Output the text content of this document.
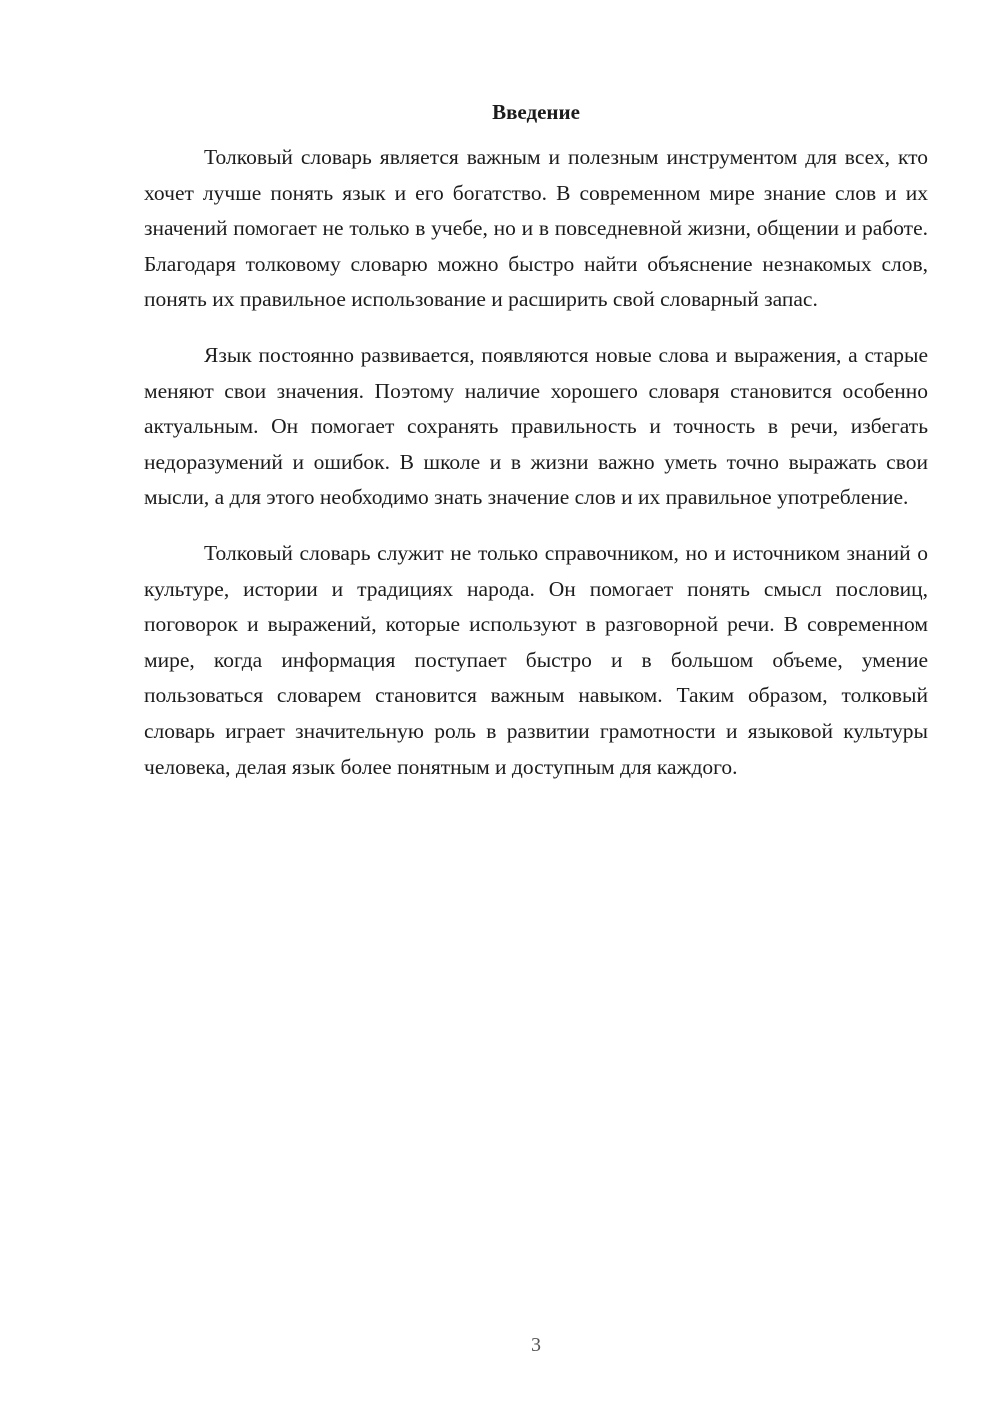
Введение

Толковый словарь является важным и полезным инструментом для всех, кто хочет лучше понять язык и его богатство. В современном мире знание слов и их значений помогает не только в учебе, но и в повседневной жизни, общении и работе. Благодаря толковому словарю можно быстро найти объяснение незнакомых слов, понять их правильное использование и расширить свой словарный запас.

Язык постоянно развивается, появляются новые слова и выражения, а старые меняют свои значения. Поэтому наличие хорошего словаря становится особенно актуальным. Он помогает сохранять правильность и точность в речи, избегать недоразумений и ошибок. В школе и в жизни важно уметь точно выражать свои мысли, а для этого необходимо знать значение слов и их правильное употребление.

Толковый словарь служит не только справочником, но и источником знаний о культуре, истории и традициях народа. Он помогает понять смысл пословиц, поговорок и выражений, которые используют в разговорной речи. В современном мире, когда информация поступает быстро и в большом объеме, умение пользоваться словарем становится важным навыком. Таким образом, толковый словарь играет значительную роль в развитии грамотности и языковой культуры человека, делая язык более понятным и доступным для каждого.

3
